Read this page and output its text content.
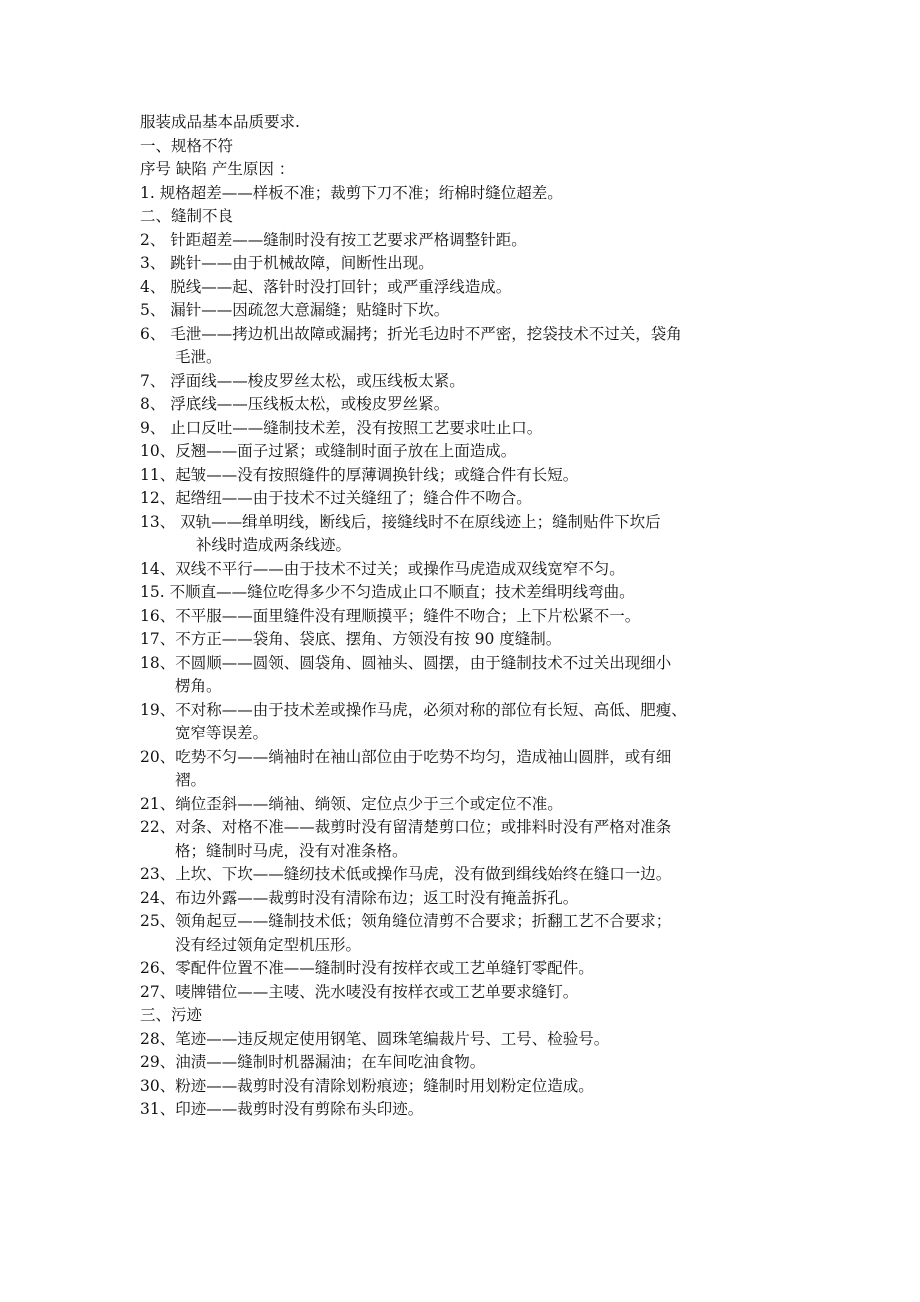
服装成品基本品质要求.
一、规格不符
序号 缺陷 产生原因 ：
1. 规格超差——样板不准；裁剪下刀不准；绗棉时缝位超差。
二、缝制不良
2、 针距超差——缝制时没有按工艺要求严格调整针距。
3、 跳针——由于机械故障，间断性出现。
4、 脱线——起、落针时没打回针；或严重浮线造成。
5、 漏针——因疏忽大意漏缝；贴缝时下坎。
6、 毛泄——拷边机出故障或漏拷；折光毛边时不严密，挖袋技术不过关，袋角
毛泄。
7、 浮面线——梭皮罗丝太松，或压线板太紧。
8、 浮底线——压线板太松，或梭皮罗丝紧。
9、 止口反吐——缝制技术差，没有按照工艺要求吐止口。
10、反翘——面子过紧；或缝制时面子放在上面造成。
11、起皱——没有按照缝件的厚薄调换针线；或缝合件有长短。
12、起绺纽——由于技术不过关缝纽了；缝合件不吻合。
13、 双轨——缉单明线，断线后，接缝线时不在原线迹上；缝制贴件下坎后
补线时造成两条线迹。
14、双线不平行——由于技术不过关；或操作马虎造成双线宽窄不匀。
15. 不顺直——缝位吃得多少不匀造成止口不顺直；技术差缉明线弯曲。
16、不平服——面里缝件没有理顺摸平；缝件不吻合；上下片松紧不一。
17、不方正——袋角、袋底、摆角、方领没有按 90 度缝制。
18、不圆顺——圆领、圆袋角、圆袖头、圆摆，由于缝制技术不过关出现细小
楞角。
19、不对称——由于技术差或操作马虎，必须对称的部位有长短、高低、肥瘦、
宽窄等误差。
20、吃势不匀——绱袖时在袖山部位由于吃势不均匀，造成袖山圆胖，或有细
褶。
21、绱位歪斜——绱袖、绱领、定位点少于三个或定位不准。
22、对条、对格不准——裁剪时没有留清楚剪口位；或排料时没有严格对准条
格；缝制时马虎，没有对准条格。
23、上坎、下坎——缝纫技术低或操作马虎，没有做到缉线始终在缝口一边。
24、布边外露——裁剪时没有清除布边；返工时没有掩盖拆孔。
25、领角起豆——缝制技术低；领角缝位清剪不合要求；折翻工艺不合要求；
没有经过领角定型机压形。
26、零配件位置不准——缝制时没有按样衣或工艺单缝钉零配件。
27、唛牌错位——主唛、洗水唛没有按样衣或工艺单要求缝钉。
三、污迹
28、笔迹——违反规定使用钢笔、圆珠笔编裁片号、工号、检验号。
29、油渍——缝制时机器漏油；在车间吃油食物。
30、粉迹——裁剪时没有清除划粉痕迹；缝制时用划粉定位造成。
31、印迹——裁剪时没有剪除布头印迹。
